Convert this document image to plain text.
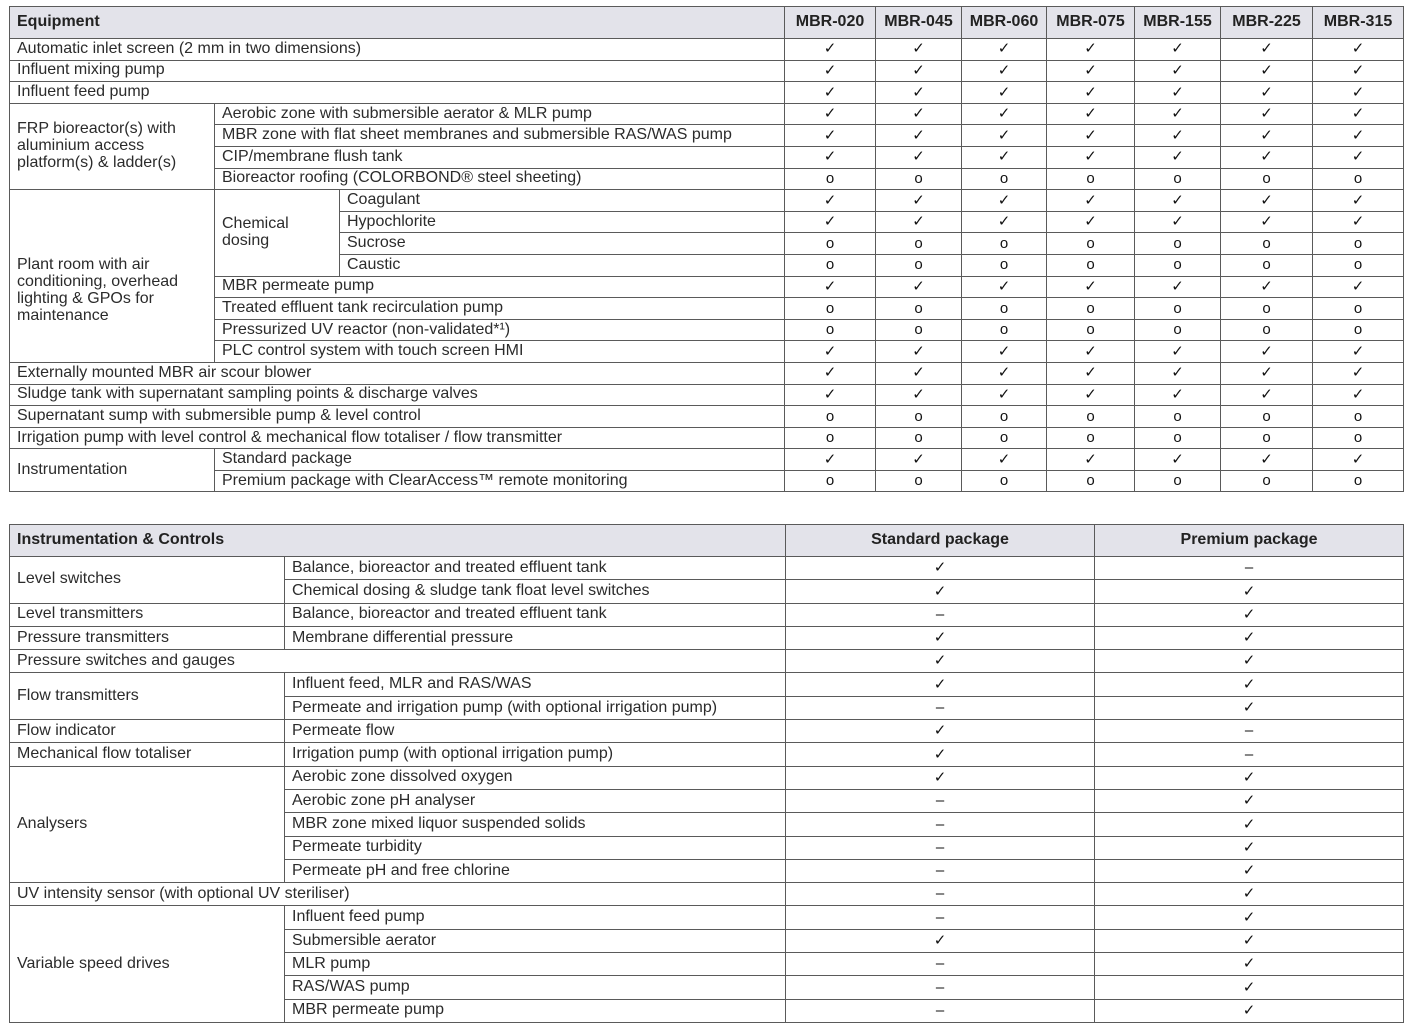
Equipment			MBR-020	MBR-045	MBR-060	MBR-075	MBR-155	MBR-225	MBR-315
Automatic inlet screen (2 mm in two dimensions)			✓	✓	✓	✓	✓	✓	✓
Influent mixing pump			✓	✓	✓	✓	✓	✓	✓
Influent feed pump			✓	✓	✓	✓	✓	✓	✓
FRP bioreactor(s) with aluminium access platform(s) & ladder(s)	Aerobic zone with submersible aerator & MLR pump		✓	✓	✓	✓	✓	✓	✓
	MBR zone with flat sheet membranes and submersible RAS/WAS pump		✓	✓	✓	✓	✓	✓	✓
	CIP/membrane flush tank		✓	✓	✓	✓	✓	✓	✓
	Bioreactor roofing (COLORBOND® steel sheeting)		o	o	o	o	o	o	o
Plant room with air conditioning, overhead lighting & GPOs for maintenance	Chemical dosing	Coagulant	✓	✓	✓	✓	✓	✓	✓
		Hypochlorite	✓	✓	✓	✓	✓	✓	✓
		Sucrose	o	o	o	o	o	o	o
		Caustic	o	o	o	o	o	o	o
	MBR permeate pump		✓	✓	✓	✓	✓	✓	✓
	Treated effluent tank recirculation pump		o	o	o	o	o	o	o
	Pressurized UV reactor (non-validated*¹)		o	o	o	o	o	o	o
	PLC control system with touch screen HMI		✓	✓	✓	✓	✓	✓	✓
Externally mounted MBR air scour blower			✓	✓	✓	✓	✓	✓	✓
Sludge tank with supernatant sampling points & discharge valves			✓	✓	✓	✓	✓	✓	✓
Supernatant sump with submersible pump & level control			o	o	o	o	o	o	o
Irrigation pump with level control & mechanical flow totaliser / flow transmitter			o	o	o	o	o	o	o
Instrumentation	Standard package		✓	✓	✓	✓	✓	✓	✓
	Premium package with ClearAccess™ remote monitoring		o	o	o	o	o	o	o
Instrumentation & Controls		Standard package	Premium package
Level switches	Balance, bioreactor and treated effluent tank	✓	–
	Chemical dosing & sludge tank float level switches	✓	✓
Level transmitters	Balance, bioreactor and treated effluent tank	–	✓
Pressure transmitters	Membrane differential pressure	✓	✓
Pressure switches and gauges		✓	✓
Flow transmitters	Influent feed, MLR and RAS/WAS	✓	✓
	Permeate and irrigation pump (with optional irrigation pump)	–	✓
Flow indicator	Permeate flow	✓	–
Mechanical flow totaliser	Irrigation pump (with optional irrigation pump)	✓	–
Analysers	Aerobic zone dissolved oxygen	✓	✓
	Aerobic zone pH analyser	–	✓
	MBR zone mixed liquor suspended solids	–	✓
	Permeate turbidity	–	✓
	Permeate pH and free chlorine	–	✓
UV intensity sensor (with optional UV steriliser)		–	✓
Variable speed drives	Influent feed pump	–	✓
	Submersible aerator	✓	✓
	MLR pump	–	✓
	RAS/WAS pump	–	✓
	MBR permeate pump	–	✓
